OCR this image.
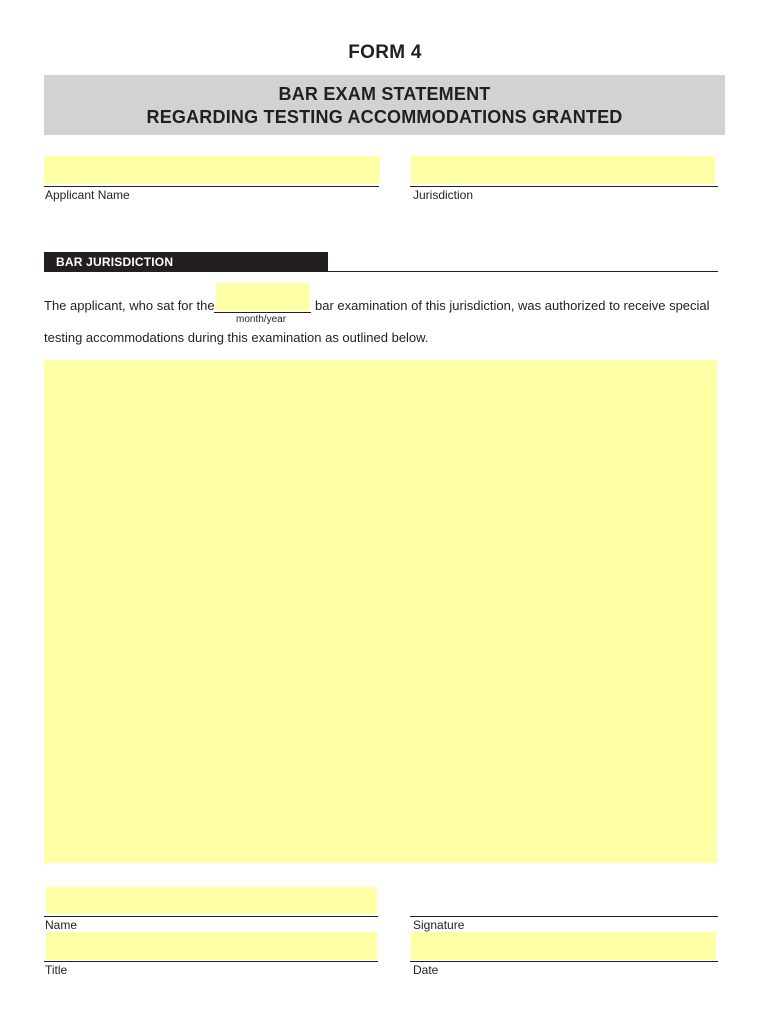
FORM 4
BAR EXAM STATEMENT
REGARDING TESTING ACCOMMODATIONS GRANTED
Applicant Name	Jurisdiction
BAR JURISDICTION
The applicant, who sat for the
month/year
bar examination of this jurisdiction, was authorized to receive special
testing accommodations during this examination as outlined below.
Name	Signature
Title	Date
